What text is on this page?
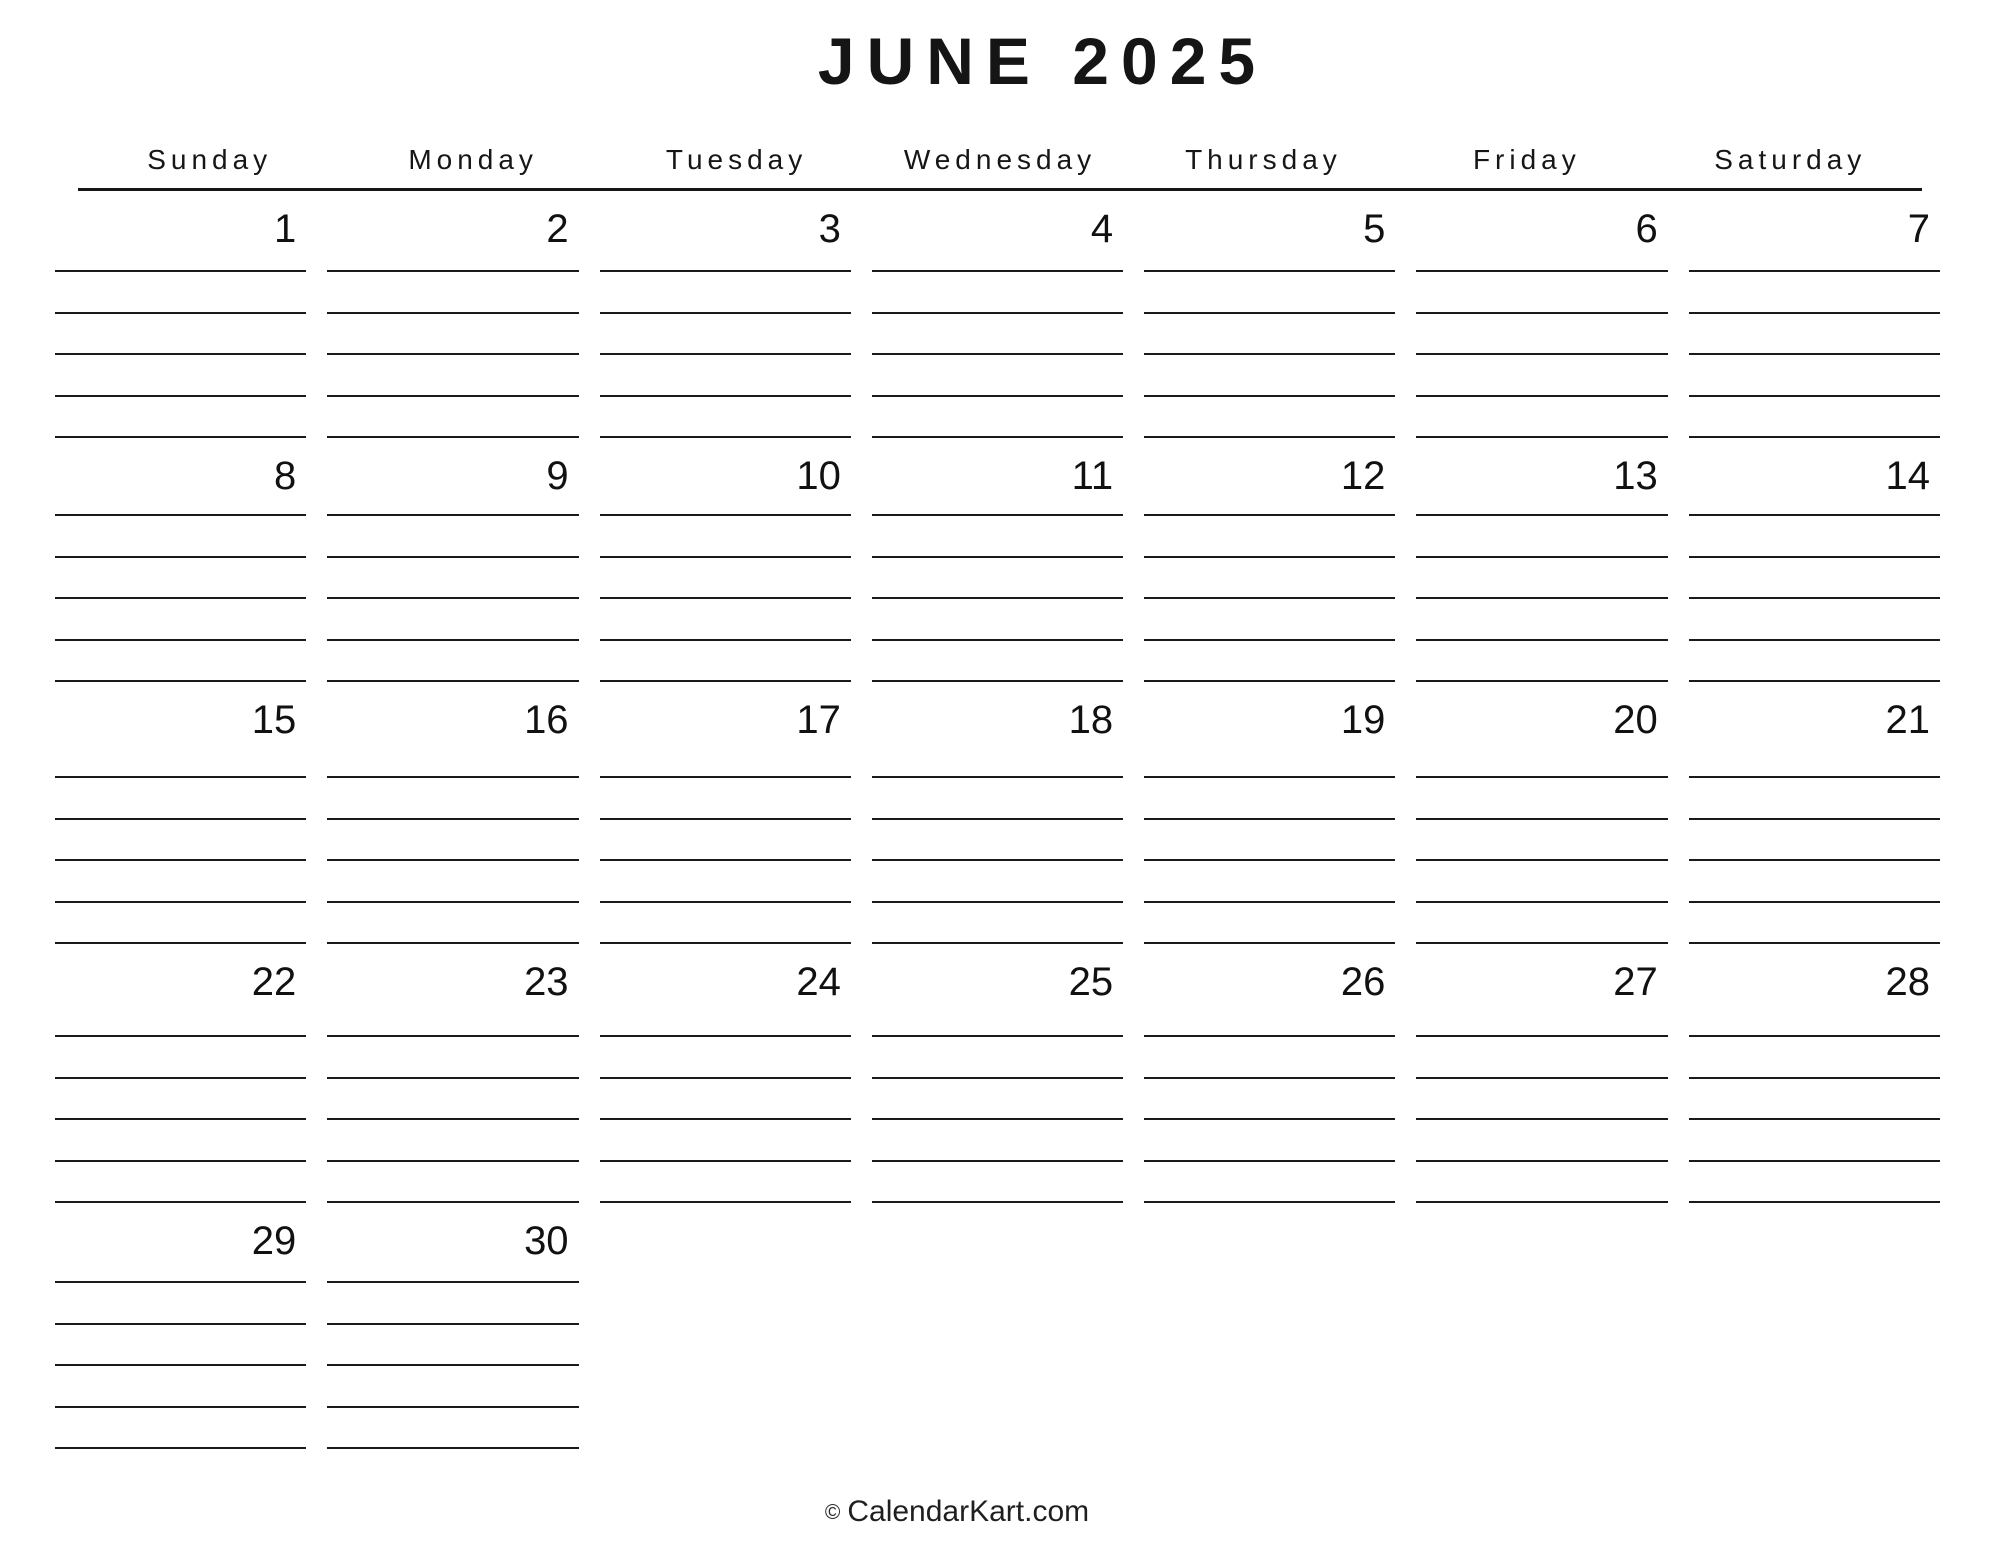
JUNE 2025
Sunday	Monday	Tuesday	Wednesday	Thursday	Friday	Saturday
1	2	3	4	5	6	7
8	9	10	11	12	13	14
15	16	17	18	19	20	21
22	23	24	25	26	27	28
29	30
© CalendarKart.com
